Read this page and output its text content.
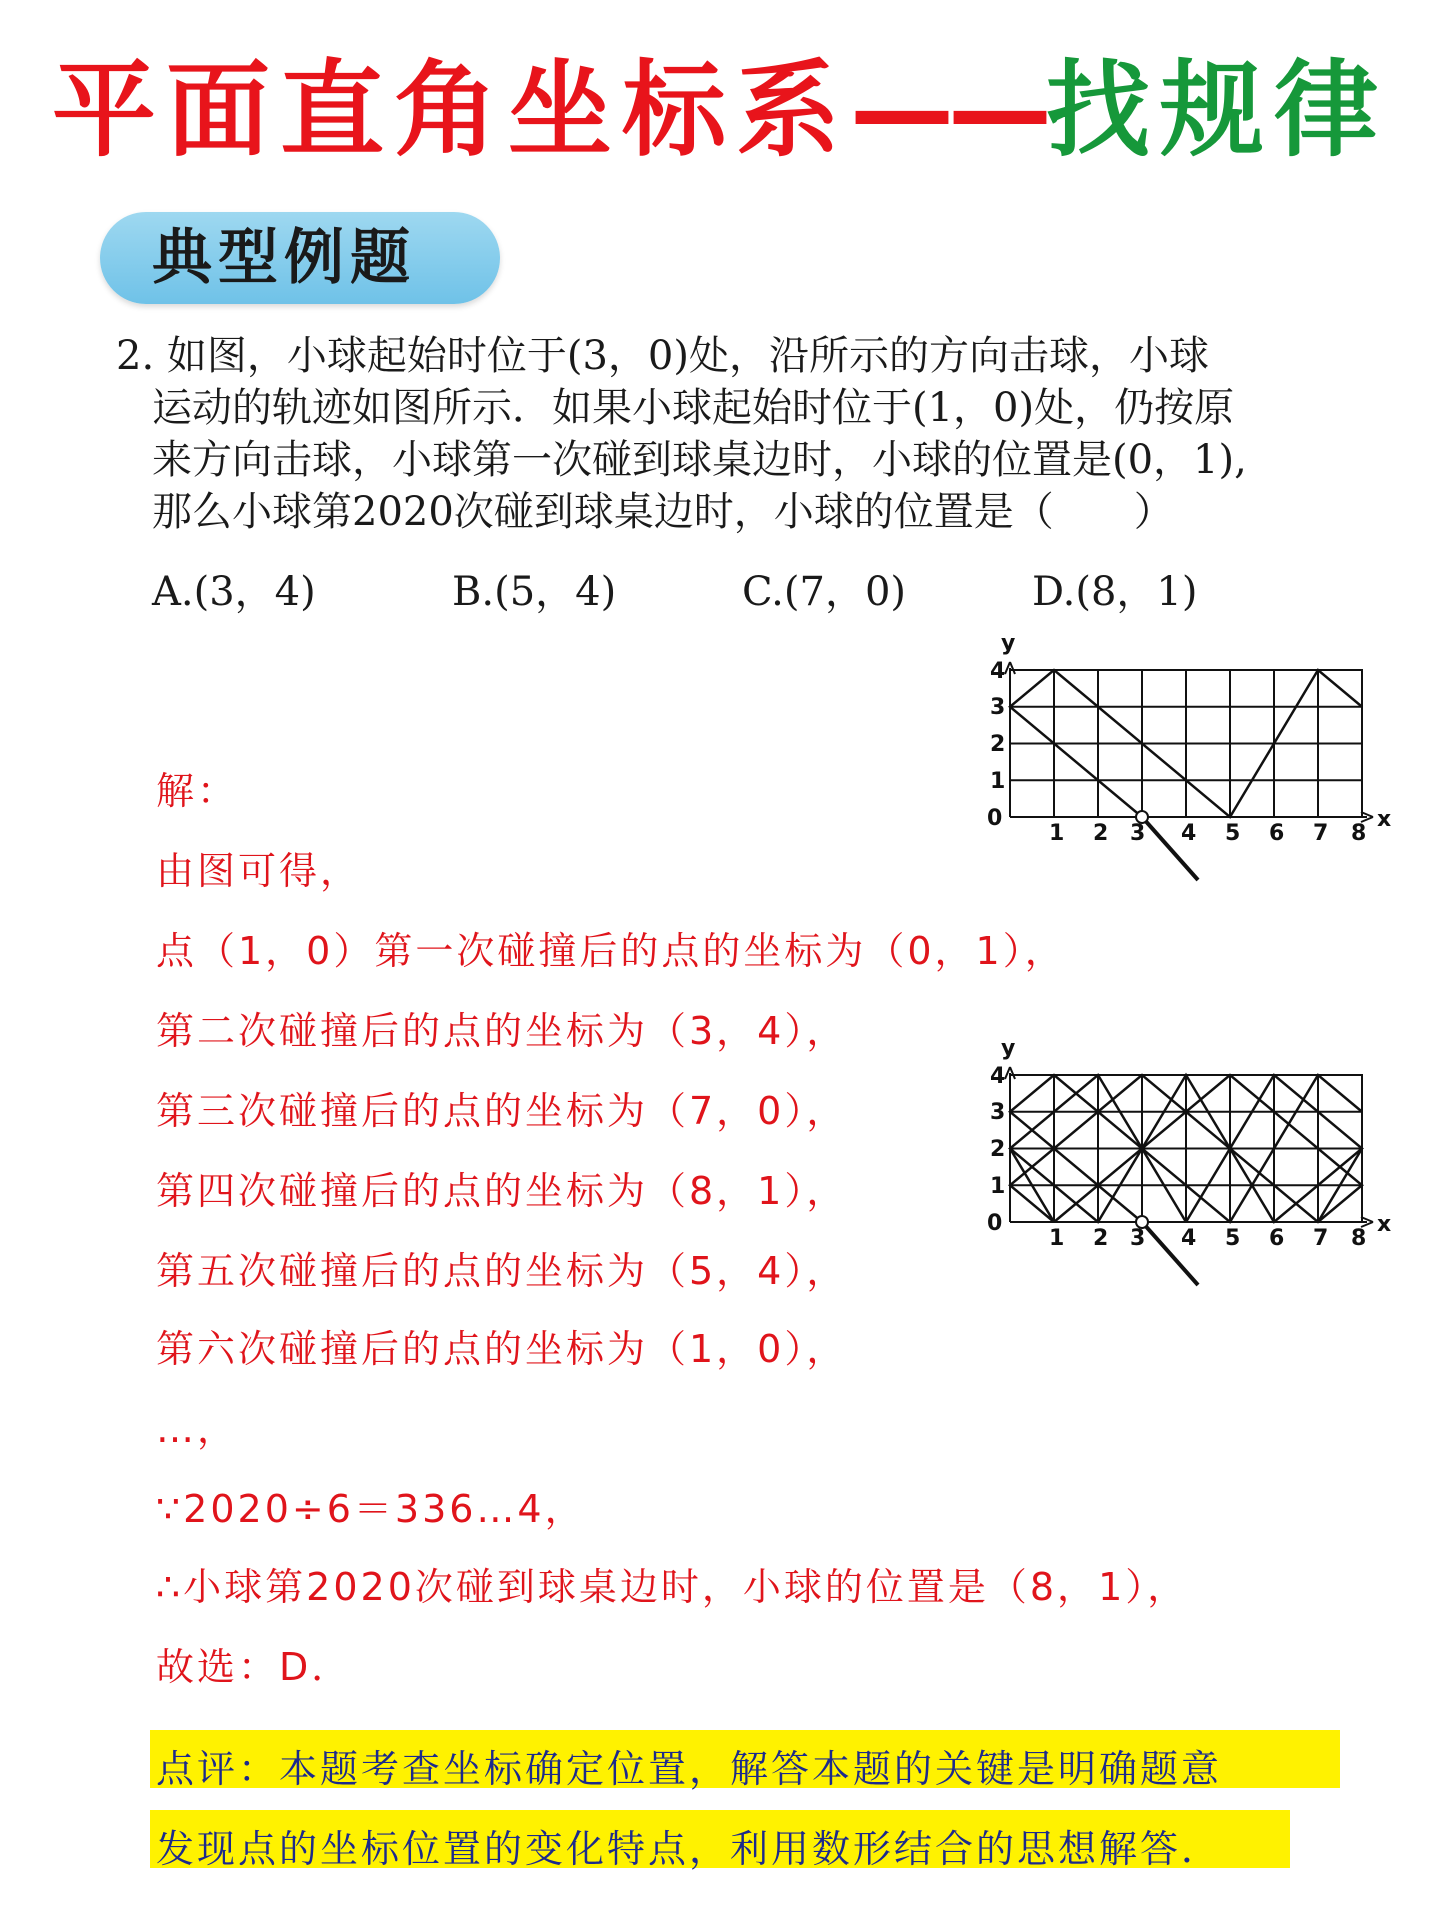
平面直角坐标系——找规律
典型例题
2. 如图，小球起始时位于(3，0)处，沿所示的方向击球，小球
运动的轨迹如图所示．如果小球起始时位于(1，0)处，仍按原
来方向击球，小球第一次碰到球桌边时，小球的位置是(0，1),
那么小球第2020次碰到球桌边时，小球的位置是（　　）
A.(3，4)	B.(5，4)	C.(7，0)	D.(8，1)
y
x
0
1 2 3 4 5 6 7 8
1
2
3
4
y
x
0
1 2 3 4 5 6 7 8
1
2
3
4
解：
由图可得，
点（1，0）第一次碰撞后的点的坐标为（0，1），
第二次碰撞后的点的坐标为（3，4），
第三次碰撞后的点的坐标为（7，0），
第四次碰撞后的点的坐标为（8，1），
第五次碰撞后的点的坐标为（5，4），
第六次碰撞后的点的坐标为（1，0），
…，
∵2020÷6＝336…4，
∴小球第2020次碰到球桌边时，小球的位置是（8，1），
故选：D．
点评：本题考查坐标确定位置，解答本题的关键是明确题意
发现点的坐标位置的变化特点，利用数形结合的思想解答．
